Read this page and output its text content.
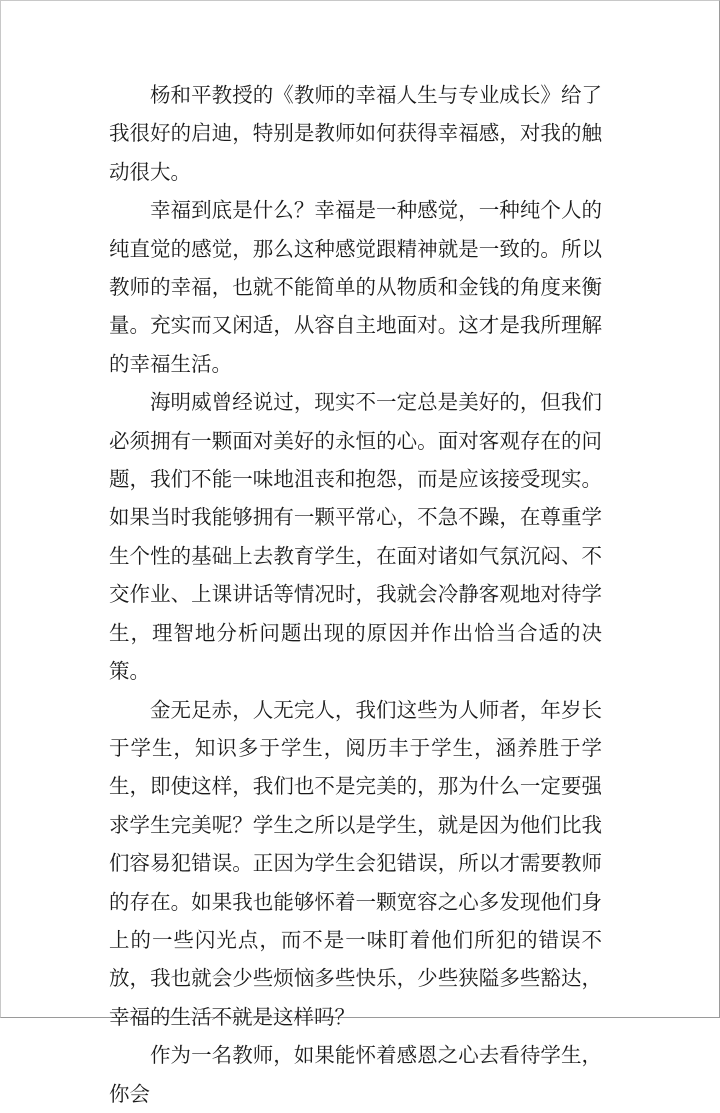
杨和平教授的《教师的幸福人生与专业成长》给了我很好的启迪，特别是教师如何获得幸福感，对我的触动很大。

幸福到底是什么？幸福是一种感觉，一种纯个人的纯直觉的感觉，那么这种感觉跟精神就是一致的。所以教师的幸福，也就不能简单的从物质和金钱的角度来衡量。充实而又闲适，从容自主地面对。这才是我所理解的幸福生活。

海明威曾经说过，现实不一定总是美好的，但我们必须拥有一颗面对美好的永恒的心。面对客观存在的问题，我们不能一味地沮丧和抱怨，而是应该接受现实。如果当时我能够拥有一颗平常心，不急不躁，在尊重学生个性的基础上去教育学生，在面对诸如气氛沉闷、不交作业、上课讲话等情况时，我就会冷静客观地对待学生，理智地分析问题出现的原因并作出恰当合适的决策。

金无足赤，人无完人，我们这些为人师者，年岁长于学生，知识多于学生，阅历丰于学生，涵养胜于学生，即使这样，我们也不是完美的，那为什么一定要强求学生完美呢？学生之所以是学生，就是因为他们比我们容易犯错误。正因为学生会犯错误，所以才需要教师的存在。如果我也能够怀着一颗宽容之心多发现他们身上的一些闪光点，而不是一味盯着他们所犯的错误不放，我也就会少些烦恼多些快乐，少些狭隘多些豁达，幸福的生活不就是这样吗？

作为一名教师，如果能怀着感恩之心去看待学生，你会
